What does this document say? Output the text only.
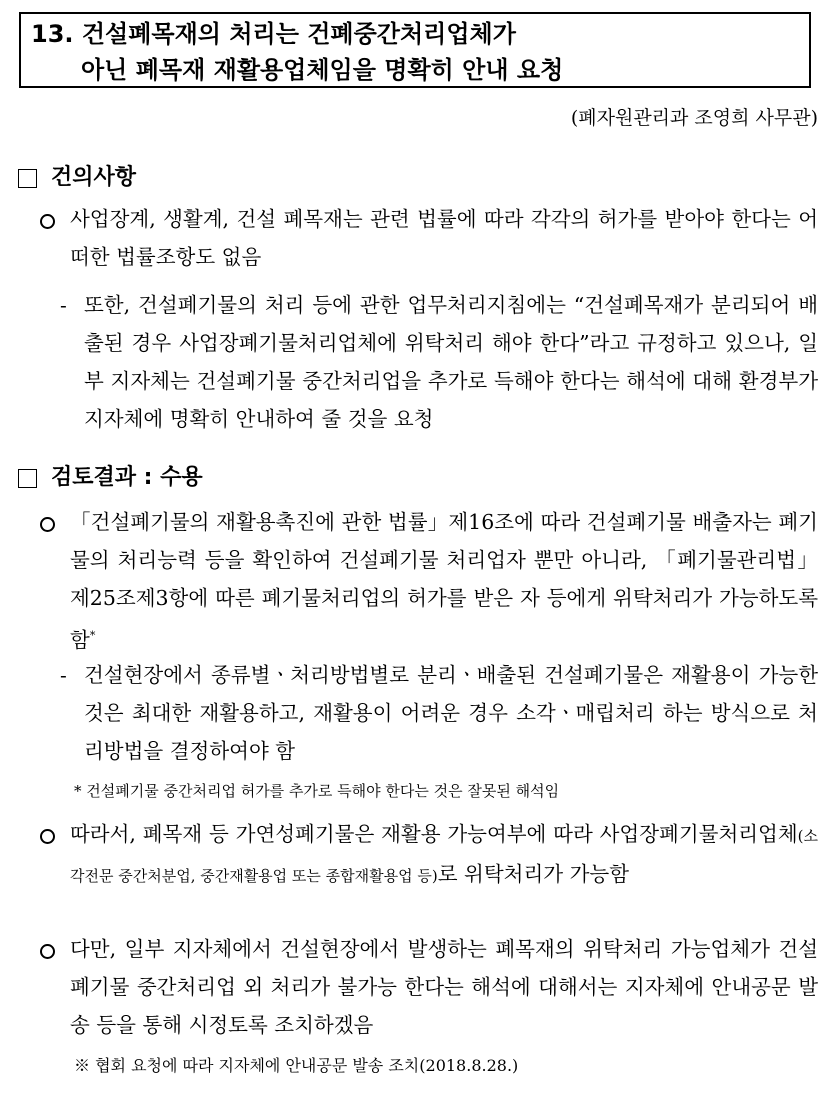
13. 건설폐목재의 처리는 건폐중간처리업체가
아닌 폐목재 재활용업체임을 명확히 안내 요청
(폐자원관리과 조영희 사무관)
건의사항
사업장계, 생활계, 건설 폐목재는 관련 법률에 따라 각각의 허가를 받아야 한다는 어떠한 법률조항도 없음
- 또한, 건설폐기물의 처리 등에 관한 업무처리지침에는 “건설폐목재가 분리되어 배출된 경우 사업장폐기물처리업체에 위탁처리 해야 한다”라고 규정하고 있으나, 일부 지자체는 건설폐기물 중간처리업을 추가로 득해야 한다는 해석에 대해 환경부가 지자체에 명확히 안내하여 줄 것을 요청
검토결과 : 수용
「건설폐기물의 재활용촉진에 관한 법률」제16조에 따라 건설폐기물 배출자는 폐기물의 처리능력 등을 확인하여 건설폐기물 처리업자 뿐만 아니라, 「폐기물관리법」 제25조제3항에 따른 폐기물처리업의 허가를 받은 자 등에게 위탁처리가 가능하도록 함*
- 건설현장에서 종류별ㆍ처리방법별로 분리ㆍ배출된 건설폐기물은 재활용이 가능한 것은 최대한 재활용하고, 재활용이 어려운 경우 소각ㆍ매립처리 하는 방식으로 처리방법을 결정하여야 함
* 건설폐기물 중간처리업 허가를 추가로 득해야 한다는 것은 잘못된 해석임
따라서, 폐목재 등 가연성폐기물은 재활용 가능여부에 따라 사업장폐기물처리업체(소각전문 중간처분업, 중간재활용업 또는 종합재활용업 등)로 위탁처리가 가능함
다만, 일부 지자체에서 건설현장에서 발생하는 폐목재의 위탁처리 가능업체가 건설폐기물 중간처리업 외 처리가 불가능 한다는 해석에 대해서는 지자체에 안내공문 발송 등을 통해 시정토록 조치하겠음
※ 협회 요청에 따라 지자체에 안내공문 발송 조치(2018.8.28.)
